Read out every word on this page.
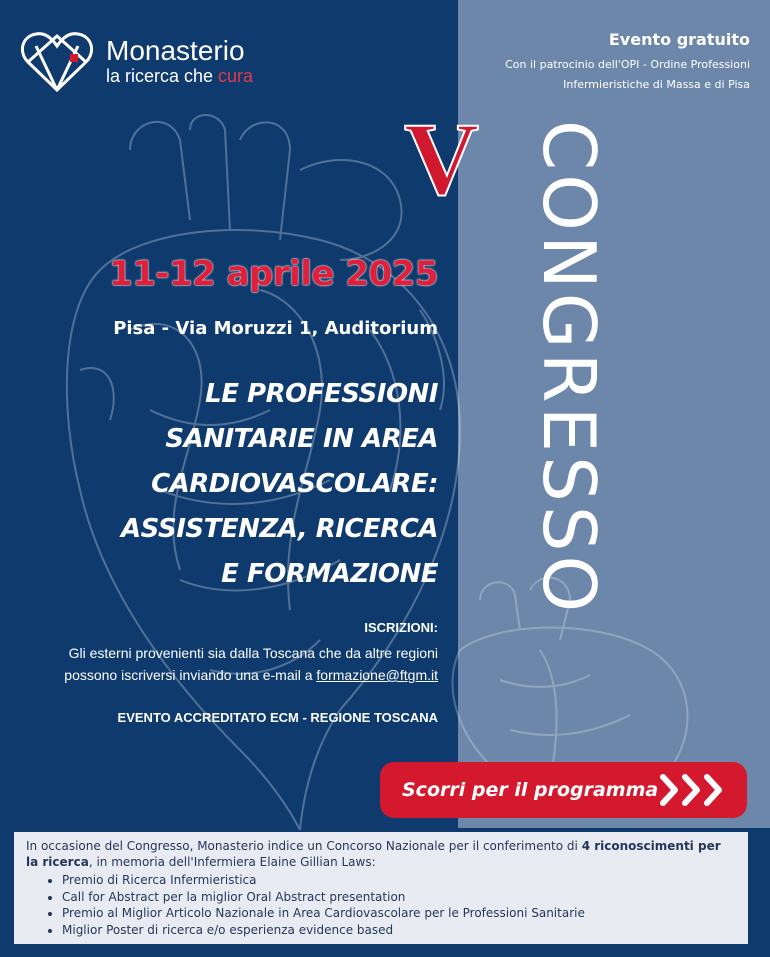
Monasterio
la ricerca che cura
Evento gratuito
Con il patrocinio dell'OPI - Ordine Professioni
Infermieristiche di Massa e di Pisa
V CONGRESSO
11-12 aprile 2025
Pisa - Via Moruzzi 1, Auditorium
LE PROFESSIONI
SANITARIE IN AREA
CARDIOVASCOLARE:
ASSISTENZA, RICERCA
E FORMAZIONE
ISCRIZIONI:
Gli esterni provenienti sia dalla Toscana che da altre regioni
possono iscriversi inviando una e-mail a formazione@ftgm.it
EVENTO ACCREDITATO ECM - REGIONE TOSCANA
Scorri per il programma

In occasione del Congresso, Monasterio indice un Concorso Nazionale per il conferimento di 4 riconoscimenti per la ricerca, in memoria dell'Infermiera Elaine Gillian Laws:

• Premio di Ricerca Infermieristica
• Call for Abstract per la miglior Oral Abstract presentation
• Premio al Miglior Articolo Nazionale in Area Cardiovascolare per le Professioni Sanitarie
• Miglior Poster di ricerca e/o esperienza evidence based
